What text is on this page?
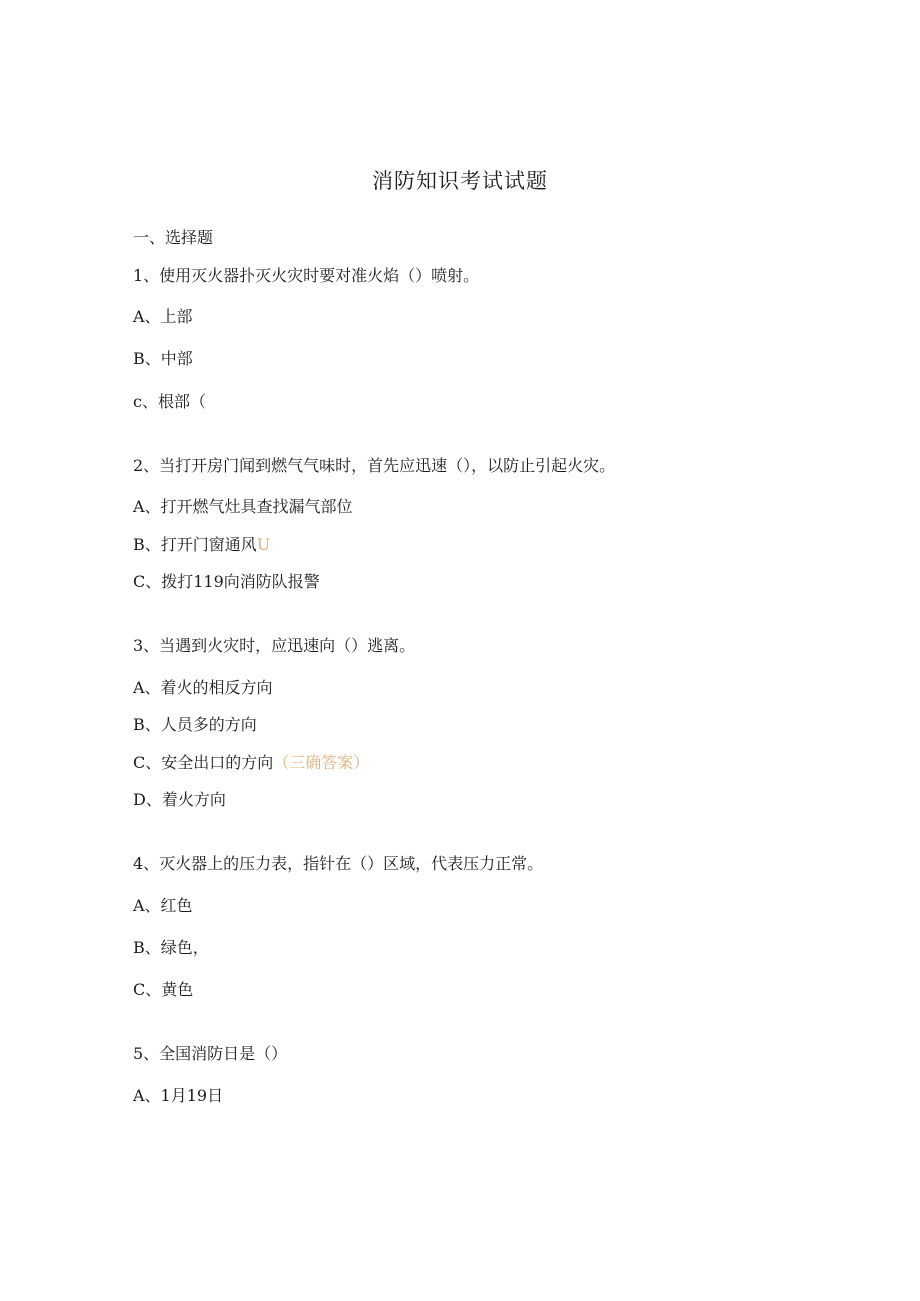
消防知识考试试题
一、选择题
1、使用灭火器扑灭火灾时要对准火焰（）喷射。
A、上部
B、中部
c、根部（
2、当打开房门闻到燃气气味时，首先应迅速（），以防止引起火灾。
A、打开燃气灶具查找漏气部位
B、打开门窗通风U
C、拨打119向消防队报警
3、当遇到火灾时，应迅速向（）逃离。
A、着火的相反方向
B、人员多的方向
C、安全出口的方向（三确答案）
D、着火方向
4、灭火器上的压力表，指针在（）区域，代表压力正常。
A、红色
B、绿色，
C、黄色
5、全国消防日是（）
A、1月19日
